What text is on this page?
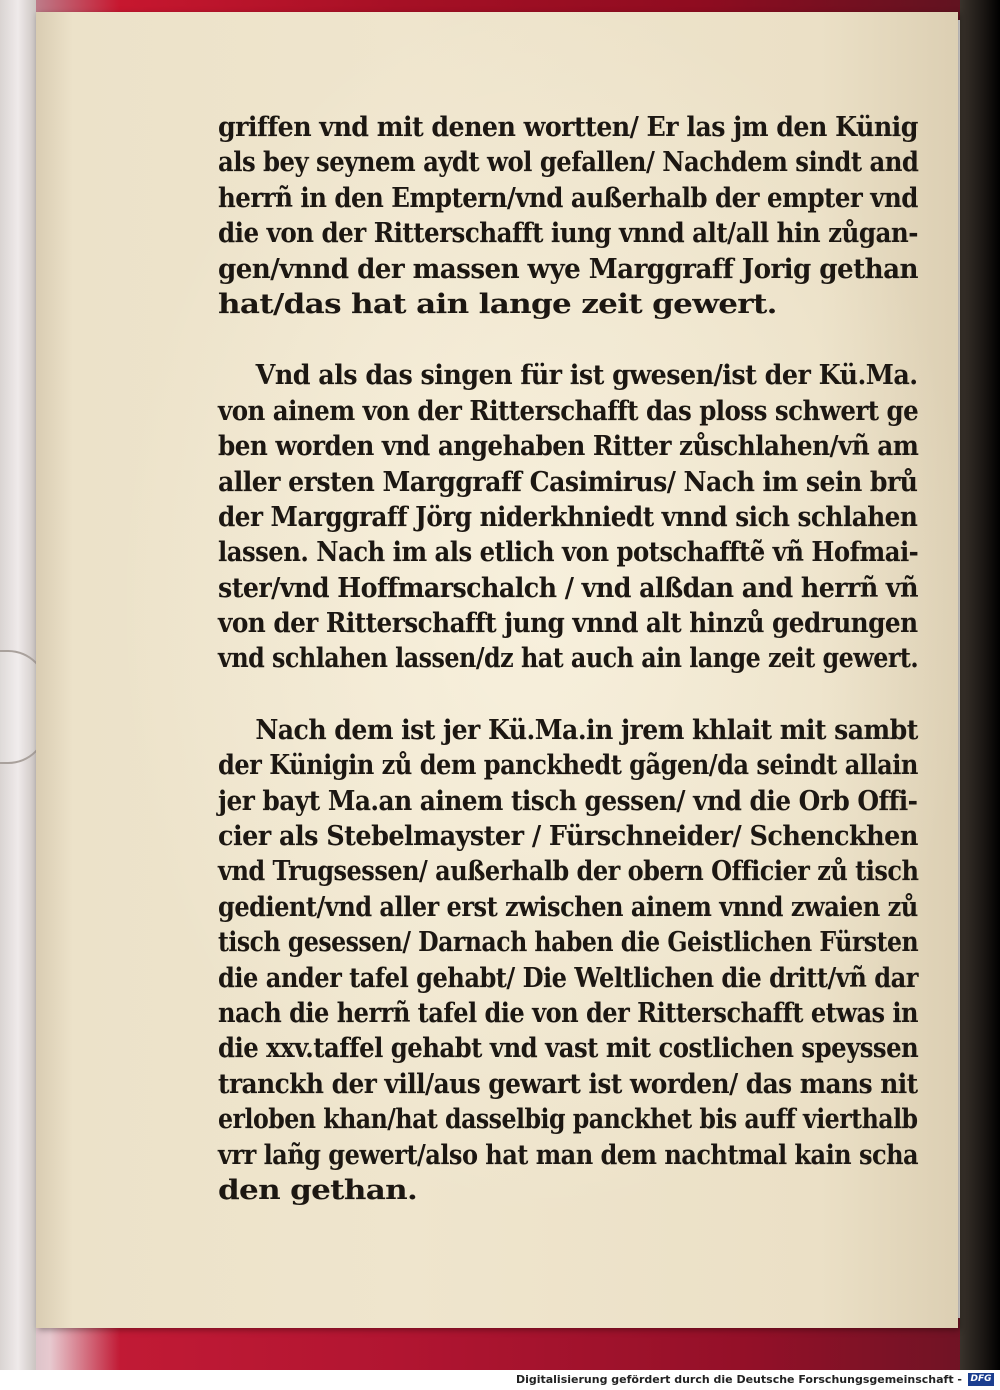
griffen vnd mit denen wortten/ Er las jm den Künig
als bey seynem aydt wol gefallen/ Nachdem sindt and
herrñ in den Emptern/vnd außerhalb der empter vnd
die von der Ritterschafft iung vnnd alt/all hin zůgan-
gen/vnnd der massen wye Marggraff Jorig gethan
hat/das hat ain lange zeit gewert.
Vnd als das singen für ist gwesen/ist der Kü.Ma.
von ainem von der Ritterschafft das ploss schwert ge
ben worden vnd angehaben Ritter zůschlahen/vñ am
aller ersten Marggraff Casimirus/ Nach im sein brů
der Marggraff Jörg niderkhniedt vnnd sich schlahen
lassen. Nach im als etlich von potschafftẽ vñ Hofmai-
ster/vnd Hoffmarschalch / vnd alßdan and herrñ vñ
von der Ritterschafft jung vnnd alt hinzů gedrungen
vnd schlahen lassen/dz hat auch ain lange zeit gewert.
Nach dem ist jer Kü.Ma.in jrem khlait mit sambt
der Künigin zů dem panckhedt gãgen/da seindt allain
jer bayt Ma.an ainem tisch gessen/ vnd die Orb Offi-
cier als Stebelmayster / Fürschneider/ Schenckhen
vnd Trugsessen/ außerhalb der obern Officier zů tisch
gedient/vnd aller erst zwischen ainem vnnd zwaien zů
tisch gesessen/ Darnach haben die Geistlichen Fürsten
die ander tafel gehabt/ Die Weltlichen die dritt/vñ dar
nach die herrñ tafel die von der Ritterschafft etwas in
die xxv.taffel gehabt vnd vast mit costlichen speyssen
tranckh der vill/aus gewart ist worden/ das mans nit
erloben khan/hat dasselbig panckhet bis auff vierthalb
vrr lañg gewert/also hat man dem nachtmal kain scha
den gethan.
Digitalisierung gefördert durch die Deutsche Forschungsgemeinschaft - DFG
